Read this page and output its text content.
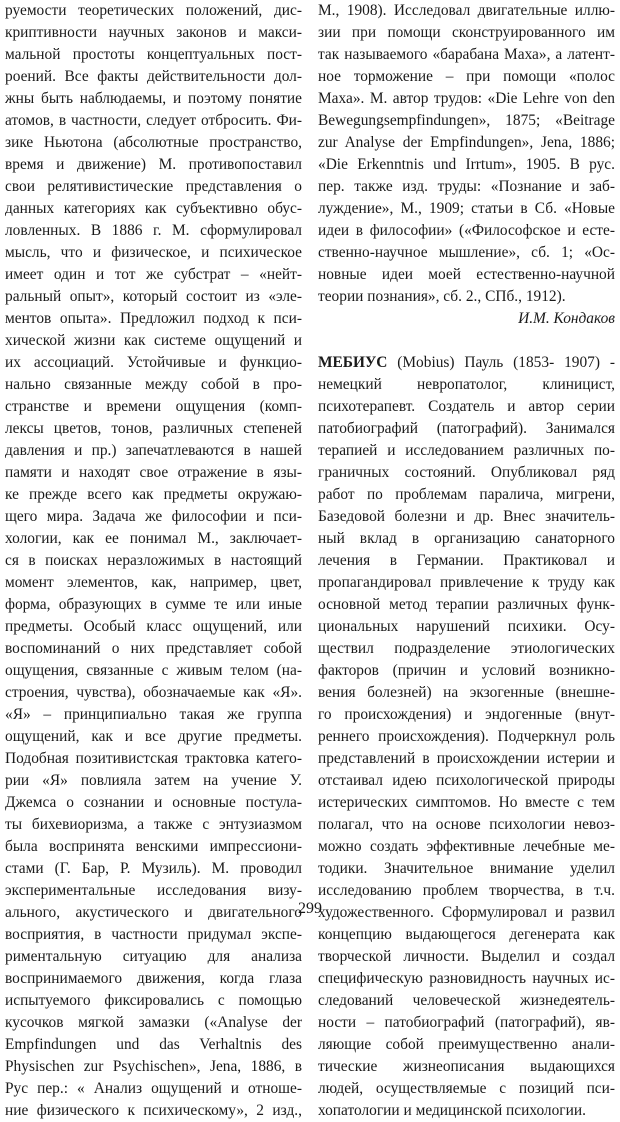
руемости теоретических положений, дис-
криптивности научных законов и макси-
мальной простоты концептуальных пост-
роений. Все факты действительности дол-
жны быть наблюдаемы, и поэтому понятие
атомов, в частности, следует отбросить. Фи-
зике Ньютона (абсолютные пространство,
время и движение) М. противопоставил
свои релятивистические представления о
данных категориях как субъективно обус-
ловленных. В 1886 г. М. сформулировал
мысль, что и физическое, и психическое
имеет один и тот же субстрат – «нейт-
ральный опыт», который состоит из «эле-
ментов опыта». Предложил подход к пси-
хической жизни как системе ощущений и
их ассоциаций. Устойчивые и функцио-
нально связанные между собой в про-
странстве и времени ощущения (комп-
лексы цветов, тонов, различных степеней
давления и пр.) запечатлеваются в нашей
памяти и находят свое отражение в язы-
ке прежде всего как предметы окружаю-
щего мира. Задача же философии и пси-
хологии, как ее понимал М., заключает-
ся в поисках неразложимых в настоящий
момент элементов, как, например, цвет,
форма, образующих в сумме те или иные
предметы. Особый класс ощущений, или
воспоминаний о них представляет собой
ощущения, связанные с живым телом (на-
строения, чувства), обозначаемые как «Я».
«Я» – принципиально такая же группа
ощущений, как и все другие предметы.
Подобная позитивистская трактовка катего-
рии «Я» повлияла затем на учение У.
Джемса о сознании и основные постула-
ты бихевиоризма, а также с энтузиазмом
была воспринята венскими импрессиони-
стами (Г. Бар, Р. Музиль). М. проводил
экспериментальные исследования визу-
ального, акустического и двигательного
восприятия, в частности придумал экспе-
риментальную ситуацию для анализа
воспринимаемого движения, когда глаза
испытуемого фиксировались с помощью
кусочков мягкой замазки («Analyse der
Empfindungen und das Verhaltnis des
Physischen zur Psychischen», Jena, 1886, в
Рус пер.: « Анализ ощущений и отноше-
ние физического к психическому», 2 изд.,
М., 1908). Исследовал двигательные иллю-
зии при помощи сконструированного им
так называемого «барабана Маха», а латент-
ное торможение – при помощи «полос
Маха». М. автор трудов: «Die Lehre von den
Bewegungsempfindungen», 1875; «Beitrage
zur Analyse der Empfindungen», Jena, 1886;
«Die Erkenntnis und Irrtum», 1905. В рус.
пер. также изд. труды: «Познание и заб-
луждение», М., 1909; статьи в Сб. «Новые
идеи в философии» («Философское и есте-
ственно-научное мышление», сб. 1; «Ос-
новные идеи моей естественно-научной
теории познания», сб. 2., СПб., 1912).
И.М. Кондаков
МЕБИУС (Mobius) Пауль (1853- 1907) -
немецкий невропатолог, клиницист,
психотерапевт. Создатель и автор серии
патобиографий (патографий). Занимался
терапией и исследованием различных по-
граничных состояний. Опубликовал ряд
работ по проблемам паралича, мигрени,
Базедовой болезни и др. Внес значитель-
ный вклад в организацию санаторного
лечения в Германии. Практиковал и
пропагандировал привлечение к труду как
основной метод терапии различных функ-
циональных нарушений психики. Осу-
ществил подразделение этиологических
факторов (причин и условий возникно-
вения болезней) на экзогенные (внешне-
го происхождения) и эндогенные (внут-
реннего происхождения). Подчеркнул роль
представлений в происхождении истерии и
отстаивал идею психологической природы
истерических симптомов. Но вместе с тем
полагал, что на основе психологии невоз-
можно создать эффективные лечебные ме-
тодики. Значительное внимание уделил
исследованию проблем творчества, в т.ч.
художественного. Сформулировал и развил
концепцию выдающегося дегенерата как
творческой личности. Выделил и создал
специфическую разновидность научных ис-
следований человеческой жизнедеятель-
ности – патобиографий (патографий), яв-
ляющие собой преимущественно анали-
тические жизнеописания выдающихся
людей, осуществляемые с позиций пси-
хопатологии и медицинской психологии.
299
